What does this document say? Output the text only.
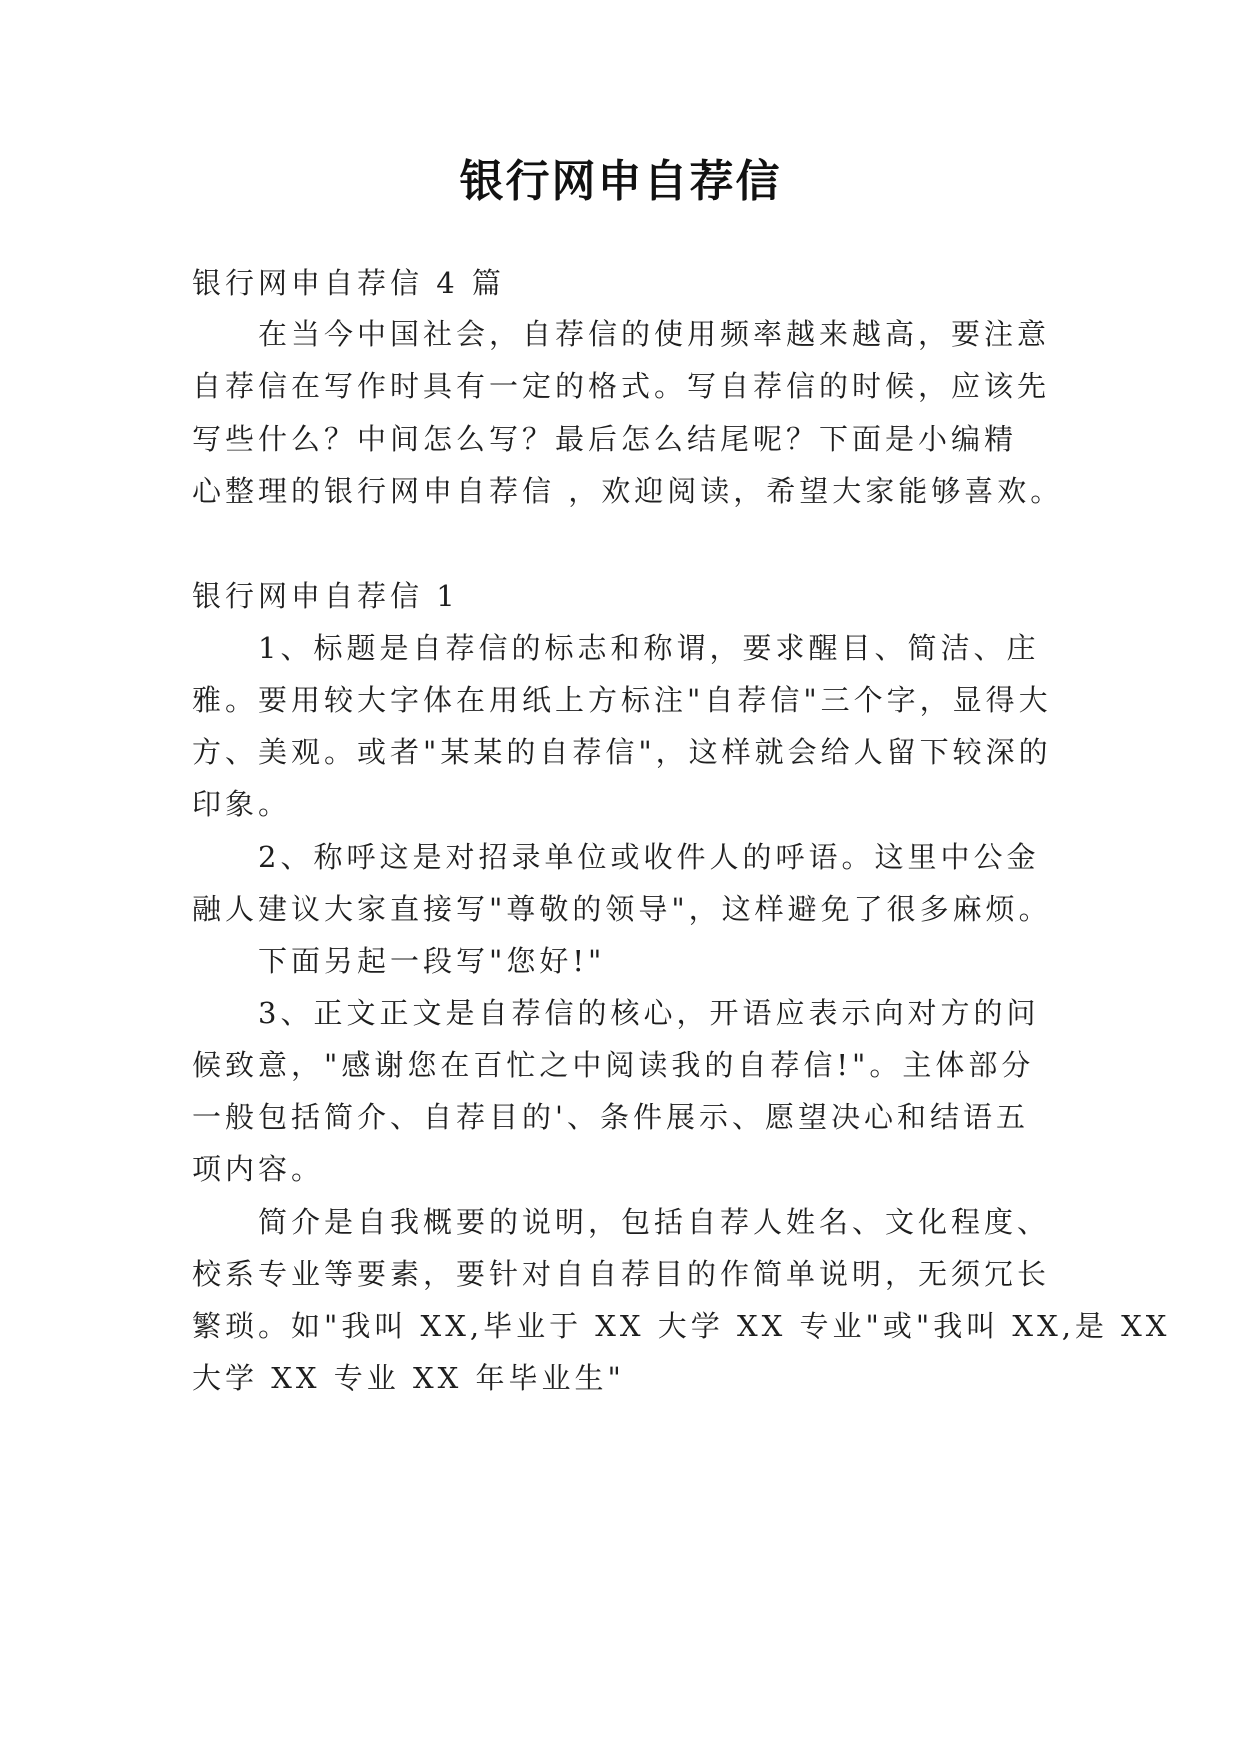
银行网申自荐信
银行网申自荐信 4 篇
在当今中国社会，自荐信的使用频率越来越高，要注意
自荐信在写作时具有一定的格式。写自荐信的时候，应该先
写些什么？中间怎么写？最后怎么结尾呢？下面是小编精
心整理的银行网申自荐信 ，欢迎阅读，希望大家能够喜欢。
银行网申自荐信 1
1、标题是自荐信的标志和称谓，要求醒目、简洁、庄
雅。要用较大字体在用纸上方标注"自荐信"三个字，显得大
方、美观。或者"某某的自荐信"，这样就会给人留下较深的
印象。
2、称呼这是对招录单位或收件人的呼语。这里中公金
融人建议大家直接写"尊敬的领导"，这样避免了很多麻烦。
下面另起一段写"您好!"
3、正文正文是自荐信的核心，开语应表示向对方的问
候致意，"感谢您在百忙之中阅读我的自荐信!"。主体部分
一般包括简介、自荐目的'、条件展示、愿望决心和结语五
项内容。
简介是自我概要的说明，包括自荐人姓名、文化程度、
校系专业等要素，要针对自自荐目的作简单说明，无须冗长
繁琐。如"我叫 XX,毕业于 XX 大学 XX 专业"或"我叫 XX,是 XX
大学 XX 专业 XX 年毕业生"
